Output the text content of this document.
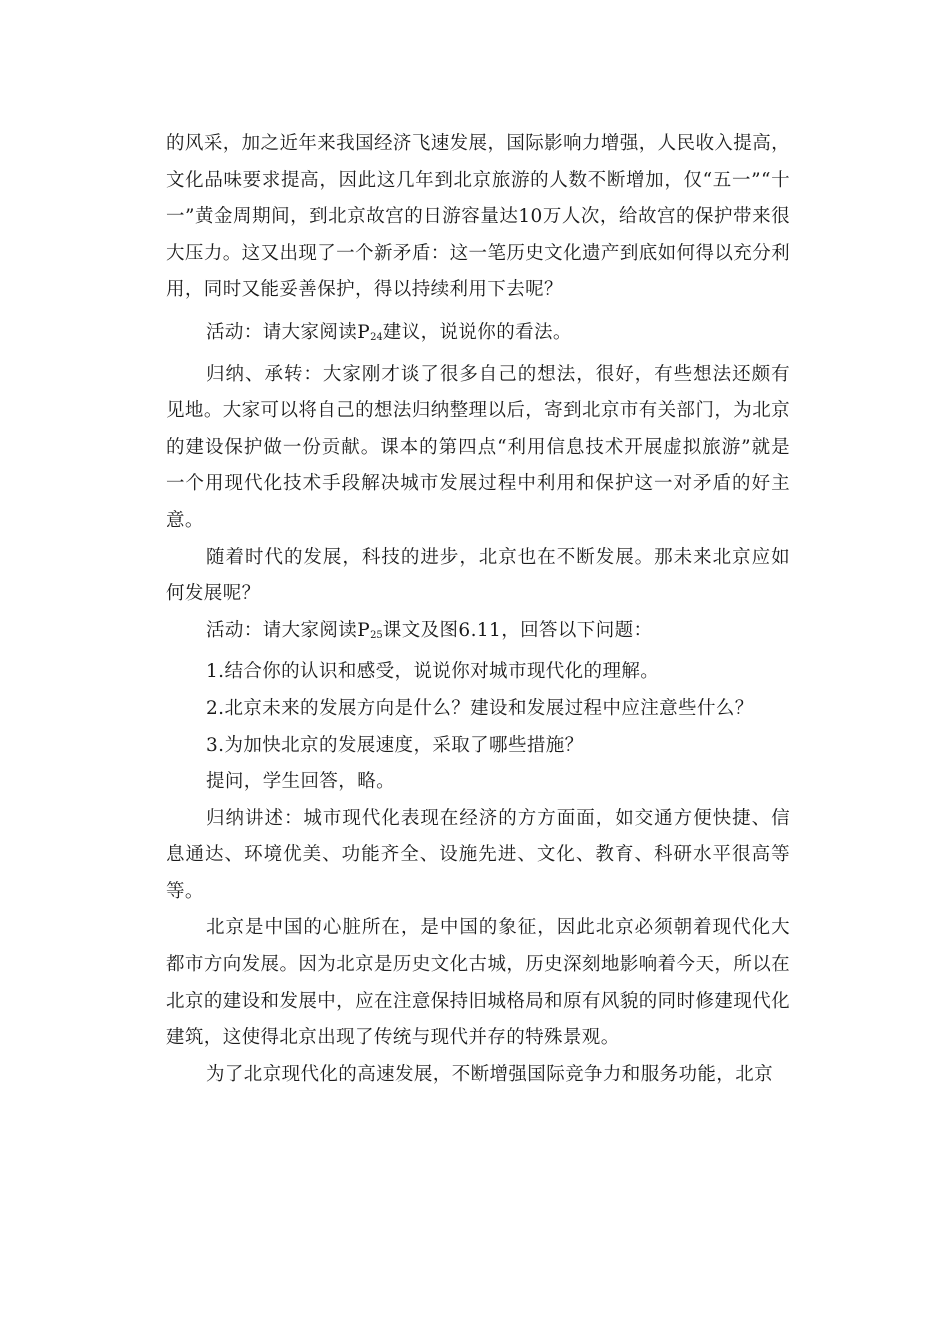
的风采，加之近年来我国经济飞速发展，国际影响力增强，人民收入提高，文化品味要求提高，因此这几年到北京旅游的人数不断增加，仅“五一”“十一”黄金周期间，到北京故宫的日游容量达10万人次，给故宫的保护带来很大压力。这又出现了一个新矛盾：这一笔历史文化遗产到底如何得以充分利用，同时又能妥善保护，得以持续利用下去呢？

活动：请大家阅读$P_{24}$建议，说说你的看法。

归纳、承转：大家刚才谈了很多自己的想法，很好，有些想法还颇有见地。大家可以将自己的想法归纳整理以后，寄到北京市有关部门，为北京的建设保护做一份贡献。课本的第四点“利用信息技术开展虚拟旅游”就是一个用现代化技术手段解决城市发展过程中利用和保护这一对矛盾的好主意。

随着时代的发展，科技的进步，北京也在不断发展。那未来北京应如何发展呢？

活动：请大家阅读$P_{25}$课文及图6.11，回答以下问题：

1.结合你的认识和感受，说说你对城市现代化的理解。

2.北京未来的发展方向是什么？建设和发展过程中应注意些什么？

3.为加快北京的发展速度，采取了哪些措施？

提问，学生回答，略。

归纳讲述：城市现代化表现在经济的方方面面，如交通方便快捷、信息通达、环境优美、功能齐全、设施先进、文化、教育、科研水平很高等等。

北京是中国的心脏所在，是中国的象征，因此北京必须朝着现代化大都市方向发展。因为北京是历史文化古城，历史深刻地影响着今天，所以在北京的建设和发展中，应在注意保持旧城格局和原有风貌的同时修建现代化建筑，这使得北京出现了传统与现代并存的特殊景观。

为了北京现代化的高速发展，不断增强国际竞争力和服务功能，北京
